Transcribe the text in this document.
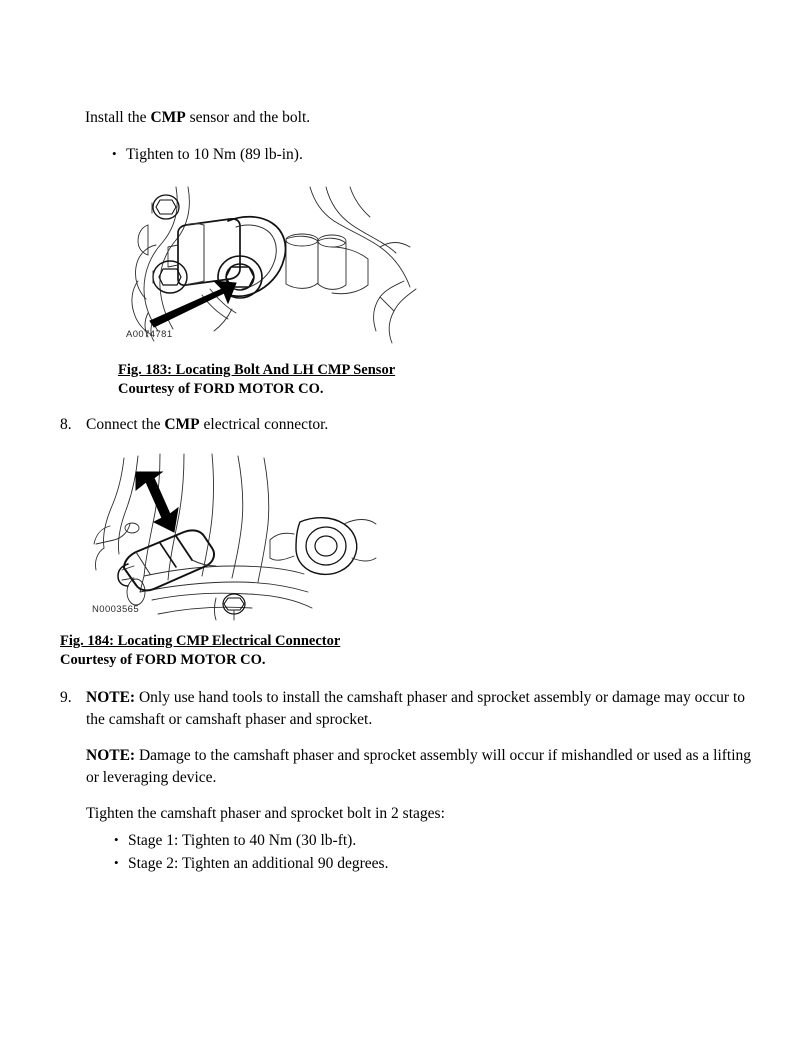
Install the CMP sensor and the bolt.
• Tighten to 10 Nm (89 lb-in).
A0074781
Fig. 183: Locating Bolt And LH CMP Sensor
Courtesy of FORD MOTOR CO.
8. Connect the CMP electrical connector.

N0003565
Fig. 184: Locating CMP Electrical Connector
Courtesy of FORD MOTOR CO.
9. NOTE: Only use hand tools to install the camshaft phaser and sprocket assembly or damage may occur to the camshaft or camshaft phaser and sprocket.

NOTE: Damage to the camshaft phaser and sprocket assembly will occur if mishandled or used as a lifting or leveraging device.

Tighten the camshaft phaser and sprocket bolt in 2 stages:

• Stage 1: Tighten to 40 Nm (30 lb-ft).
• Stage 2: Tighten an additional 90 degrees.
